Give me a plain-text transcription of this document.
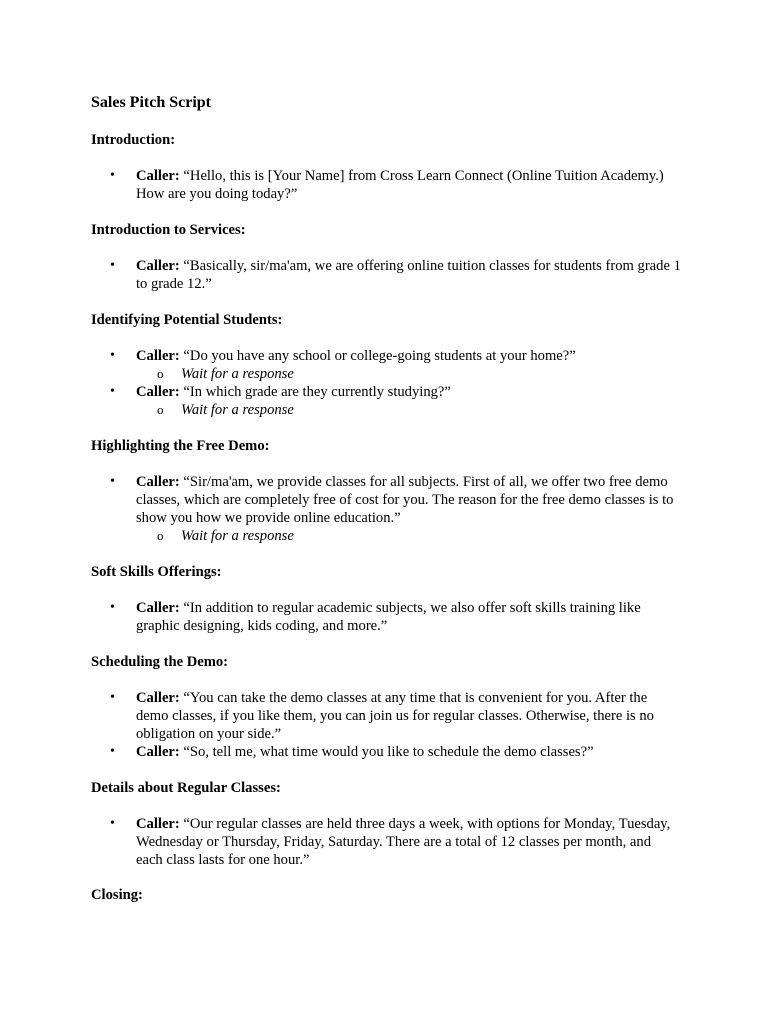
Sales Pitch Script
Introduction:
• Caller: “Hello, this is [Your Name] from Cross Learn Connect (Online Tuition Academy.) How are you doing today?”
Introduction to Services:
• Caller: “Basically, sir/ma'am, we are offering online tuition classes for students from grade 1 to grade 12.”
Identifying Potential Students:
• Caller: “Do you have any school or college-going students at your home?”
o Wait for a response
• Caller: “In which grade are they currently studying?”
o Wait for a response
Highlighting the Free Demo:
• Caller: “Sir/ma'am, we provide classes for all subjects. First of all, we offer two free demo classes, which are completely free of cost for you. The reason for the free demo classes is to show you how we provide online education.”
o Wait for a response
Soft Skills Offerings:
• Caller: “In addition to regular academic subjects, we also offer soft skills training like graphic designing, kids coding, and more.”
Scheduling the Demo:
• Caller: “You can take the demo classes at any time that is convenient for you. After the demo classes, if you like them, you can join us for regular classes. Otherwise, there is no obligation on your side.”
• Caller: “So, tell me, what time would you like to schedule the demo classes?”
Details about Regular Classes:
• Caller: “Our regular classes are held three days a week, with options for Monday, Tuesday, Wednesday or Thursday, Friday, Saturday. There are a total of 12 classes per month, and each class lasts for one hour.”
Closing:
